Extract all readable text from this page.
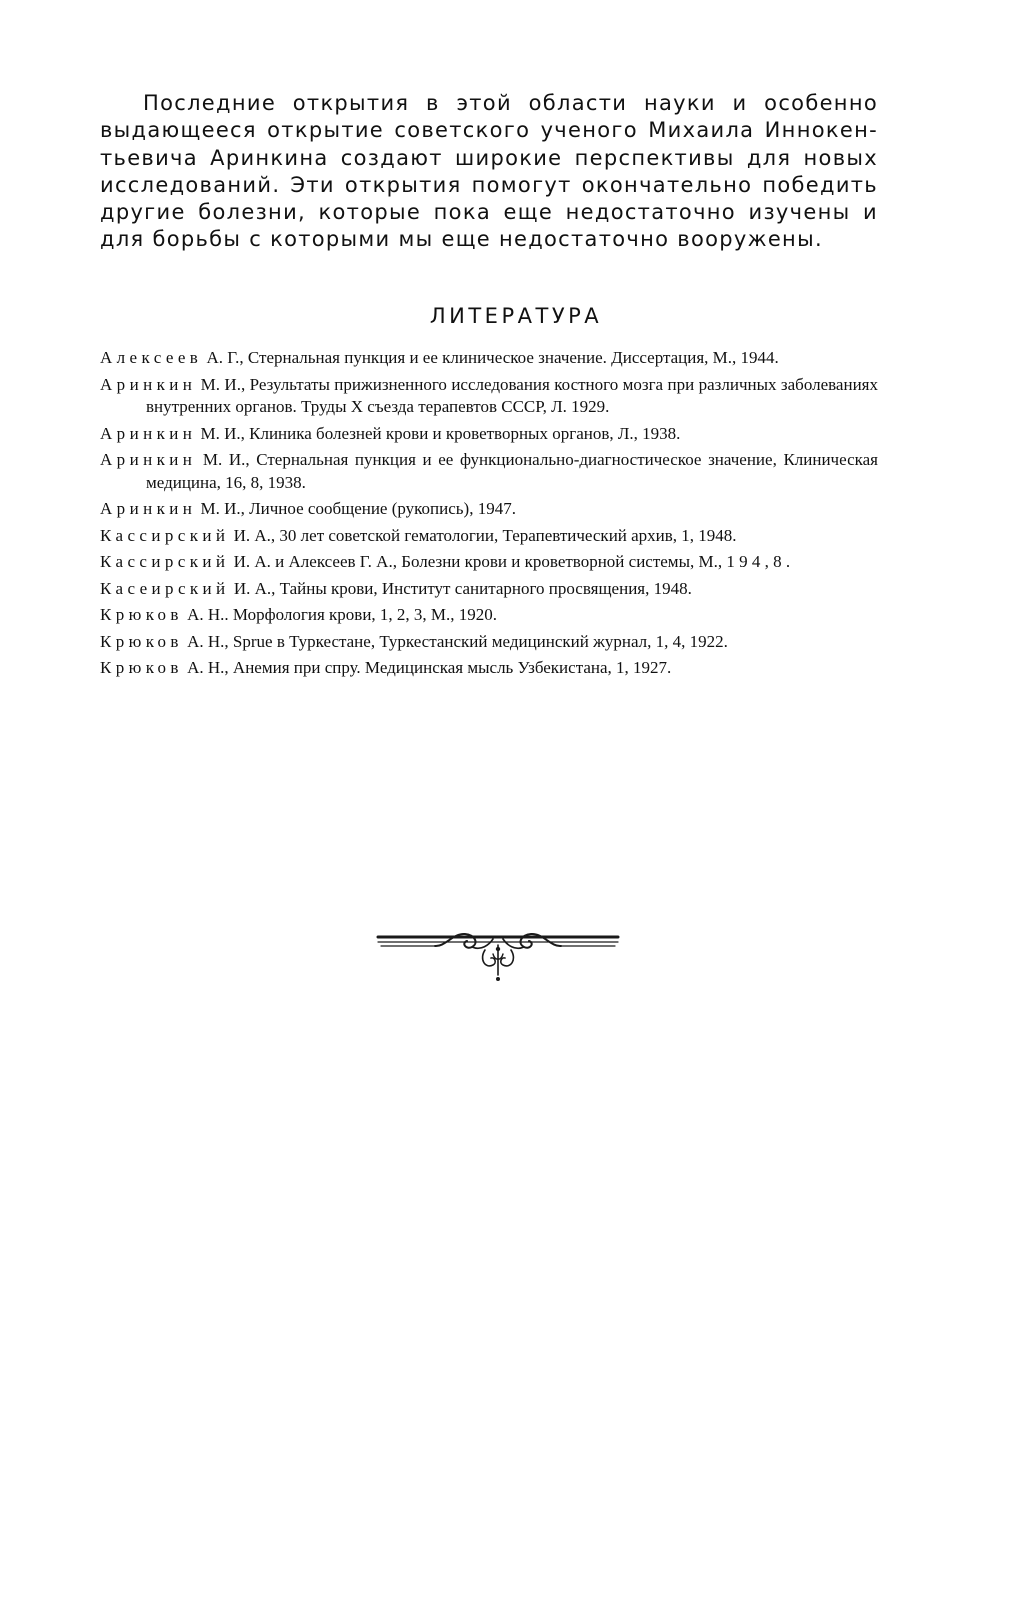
Последние открытия в этой области науки и особенно
выдающееся открытие советского ученого Михаила Иннокен-
тьевича Аринкина создают широкие перспективы для новых
исследований. Эти открытия помогут окончательно победить
другие болезни, которые пока еще недостаточно изучены и
для борьбы с которыми мы еще недостаточно вооружены.

ЛИТЕРАТУРА
Алексеев А. Г., Стернальная пункция и ее клиническое значение. Диссертация, М., 1944.
Аринкин М. И., Результаты прижизненного исследования костного мозга при различных заболеваниях внутренних органов. Труды X съезда терапевтов СССР, Л. 1929.
Аринкин М. И., Клиника болезней крови и кроветворных органов, Л., 1938.
Аринкин М. И., Стернальная пункция и ее функционально-диагностическое значение, Клиническая медицина, 16, 8, 1938.
Аринкин М. И., Личное сообщение (рукопись), 1947.
Кассирский И. А., 30 лет советской гематологии, Терапевтический архив, 1, 1948.
Кассирский И. А. и Алексеев Г. А., Болезни крови и кроветворной системы, М., 1 9 4 , 8 .
Касеирский И. А., Тайны крови, Институт санитарного просвящения, 1948.
Крюков А. Н.. Морфология крови, 1, 2, 3, М., 1920.
Крюков А. Н., Sprue в Туркестане, Туркестанский медицинский журнал, 1, 4, 1922.
Крюков А. Н., Анемия при спру. Медицинская мысль Узбекистана, 1, 1927.
